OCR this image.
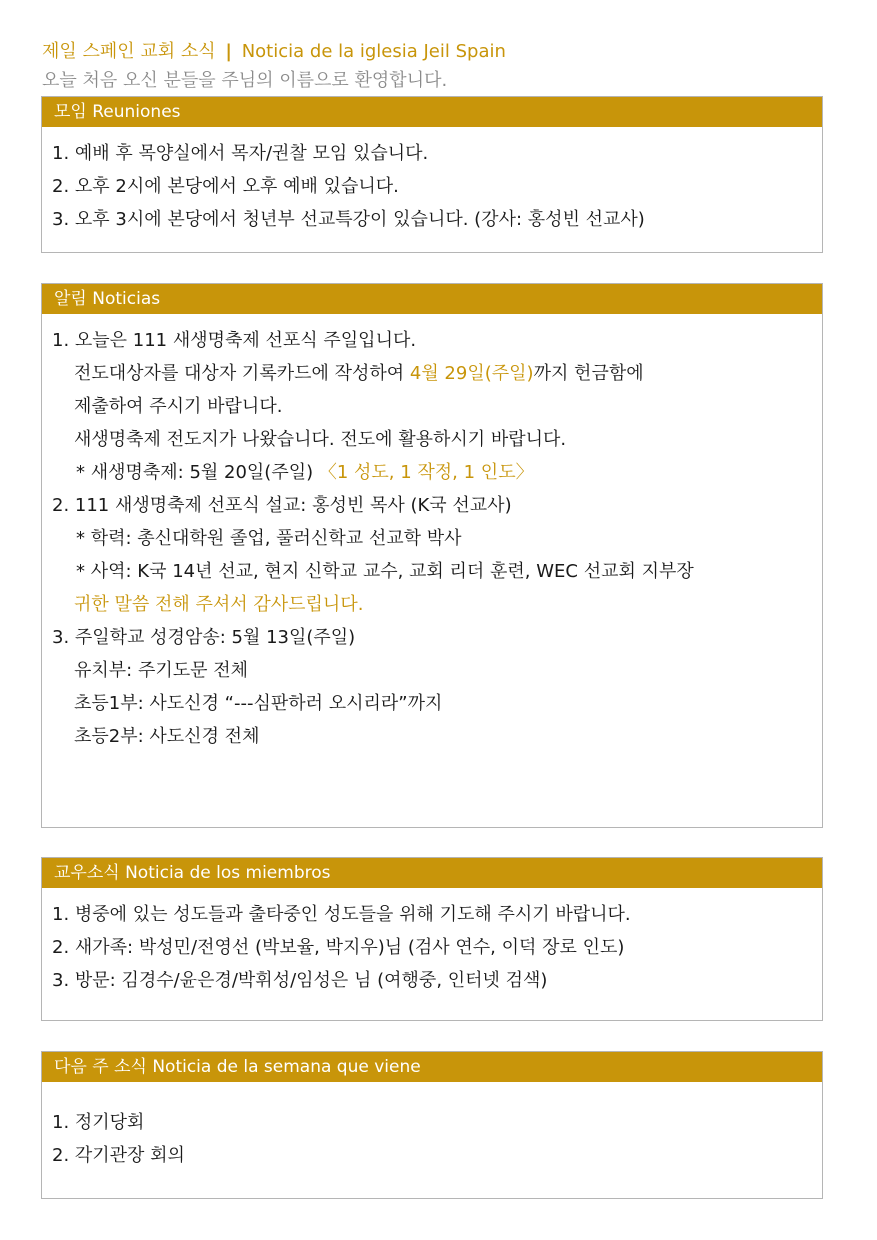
제일 스페인 교회 소식 | Noticia de la iglesia Jeil Spain
오늘 처음 오신 분들을 주님의 이름으로 환영합니다.
모임 Reuniones
1. 예배 후 목양실에서 목자/권찰 모임 있습니다.
2. 오후 2시에 본당에서 오후 예배 있습니다.
3. 오후 3시에 본당에서 청년부 선교특강이 있습니다. (강사: 홍성빈 선교사)
알림 Noticias
1. 오늘은 111 새생명축제 선포식 주일입니다.
전도대상자를 대상자 기록카드에 작성하여 4월 29일(주일)까지 헌금함에
제출하여 주시기 바랍니다.
새생명축제 전도지가 나왔습니다. 전도에 활용하시기 바랍니다.
* 새생명축제: 5월 20일(주일) 〈1 성도, 1 작정, 1 인도〉
2. 111 새생명축제 선포식 설교: 홍성빈 목사 (K국 선교사)
* 학력: 총신대학원 졸업, 풀러신학교 선교학 박사
* 사역: K국 14년 선교, 현지 신학교 교수, 교회 리더 훈련, WEC 선교회 지부장
귀한 말씀 전해 주셔서 감사드립니다.
3. 주일학교 성경암송: 5월 13일(주일)
유치부: 주기도문 전체
초등1부: 사도신경 “---심판하러 오시리라”까지
초등2부: 사도신경 전체
교우소식 Noticia de los miembros
1. 병중에 있는 성도들과 출타중인 성도들을 위해 기도해 주시기 바랍니다.
2. 새가족: 박성민/전영선 (박보율, 박지우)님 (검사 연수, 이덕 장로 인도)
3. 방문: 김경수/윤은경/박휘성/임성은 님 (여행중, 인터넷 검색)
다음 주 소식 Noticia de la semana que viene
1. 정기당회
2. 각기관장 회의
